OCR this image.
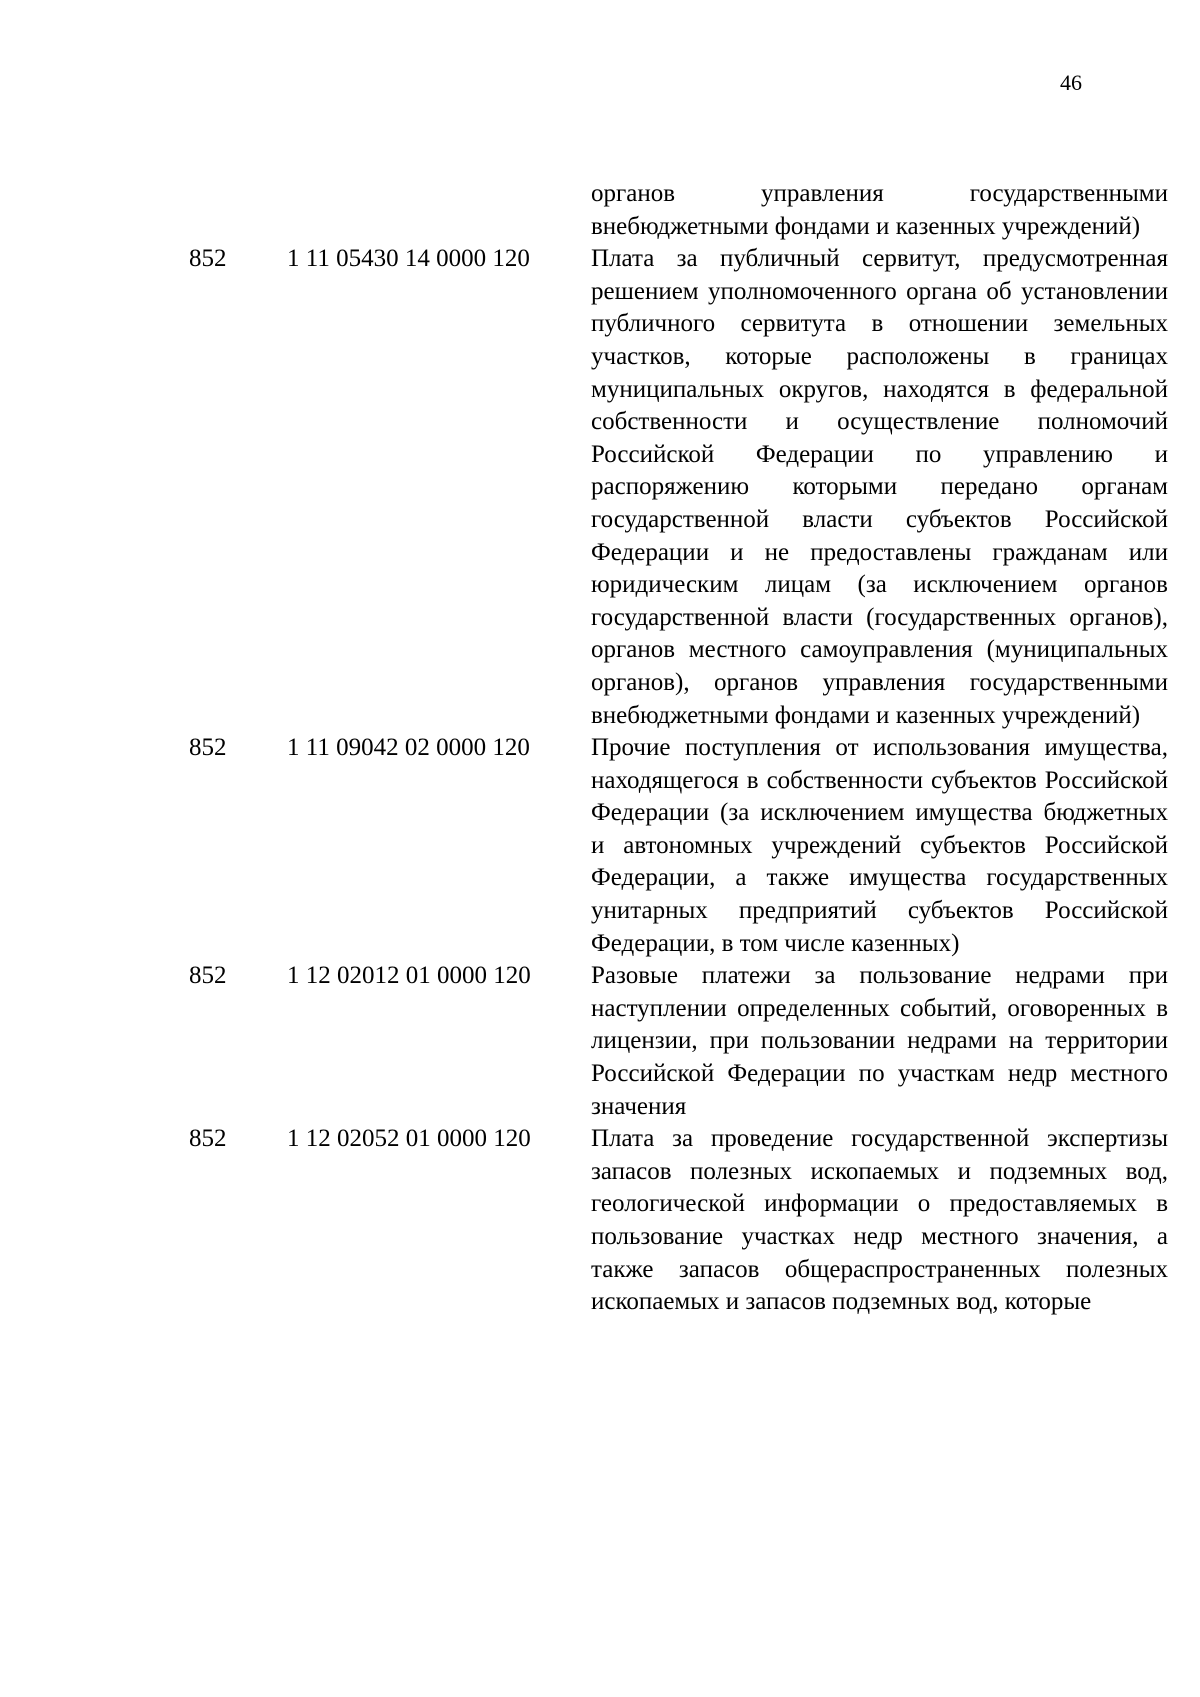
46
органов управления государственными внебюджетными фондами и казенных учреждений)
852	1 11 05430 14 0000 120	Плата за публичный сервитут, предусмотренная решением уполномоченного органа об установлении публичного сервитута в отношении земельных участков, которые расположены в границах муниципальных округов, находятся в федеральной собственности и осуществление полномочий Российской Федерации по управлению и распоряжению которыми передано органам государственной власти субъектов Российской Федерации и не предоставлены гражданам или юридическим лицам (за исключением органов государственной власти (государственных органов), органов местного самоуправления (муниципальных органов), органов управления государственными внебюджетными фондами и казенных учреждений)
852	1 11 09042 02 0000 120	Прочие поступления от использования имущества, находящегося в собственности субъектов Российской Федерации (за исключением имущества бюджетных и автономных учреждений субъектов Российской Федерации, а также имущества государственных унитарных предприятий субъектов Российской Федерации, в том числе казенных)
852	1 12 02012 01 0000 120	Разовые платежи за пользование недрами при наступлении определенных событий, оговоренных в лицензии, при пользовании недрами на территории Российской Федерации по участкам недр местного значения
852	1 12 02052 01 0000 120	Плата за проведение государственной экспертизы запасов полезных ископаемых и подземных вод, геологической информации о предоставляемых в пользование участках недр местного значения, а также запасов общераспространенных полезных ископаемых и запасов подземных вод, которые
